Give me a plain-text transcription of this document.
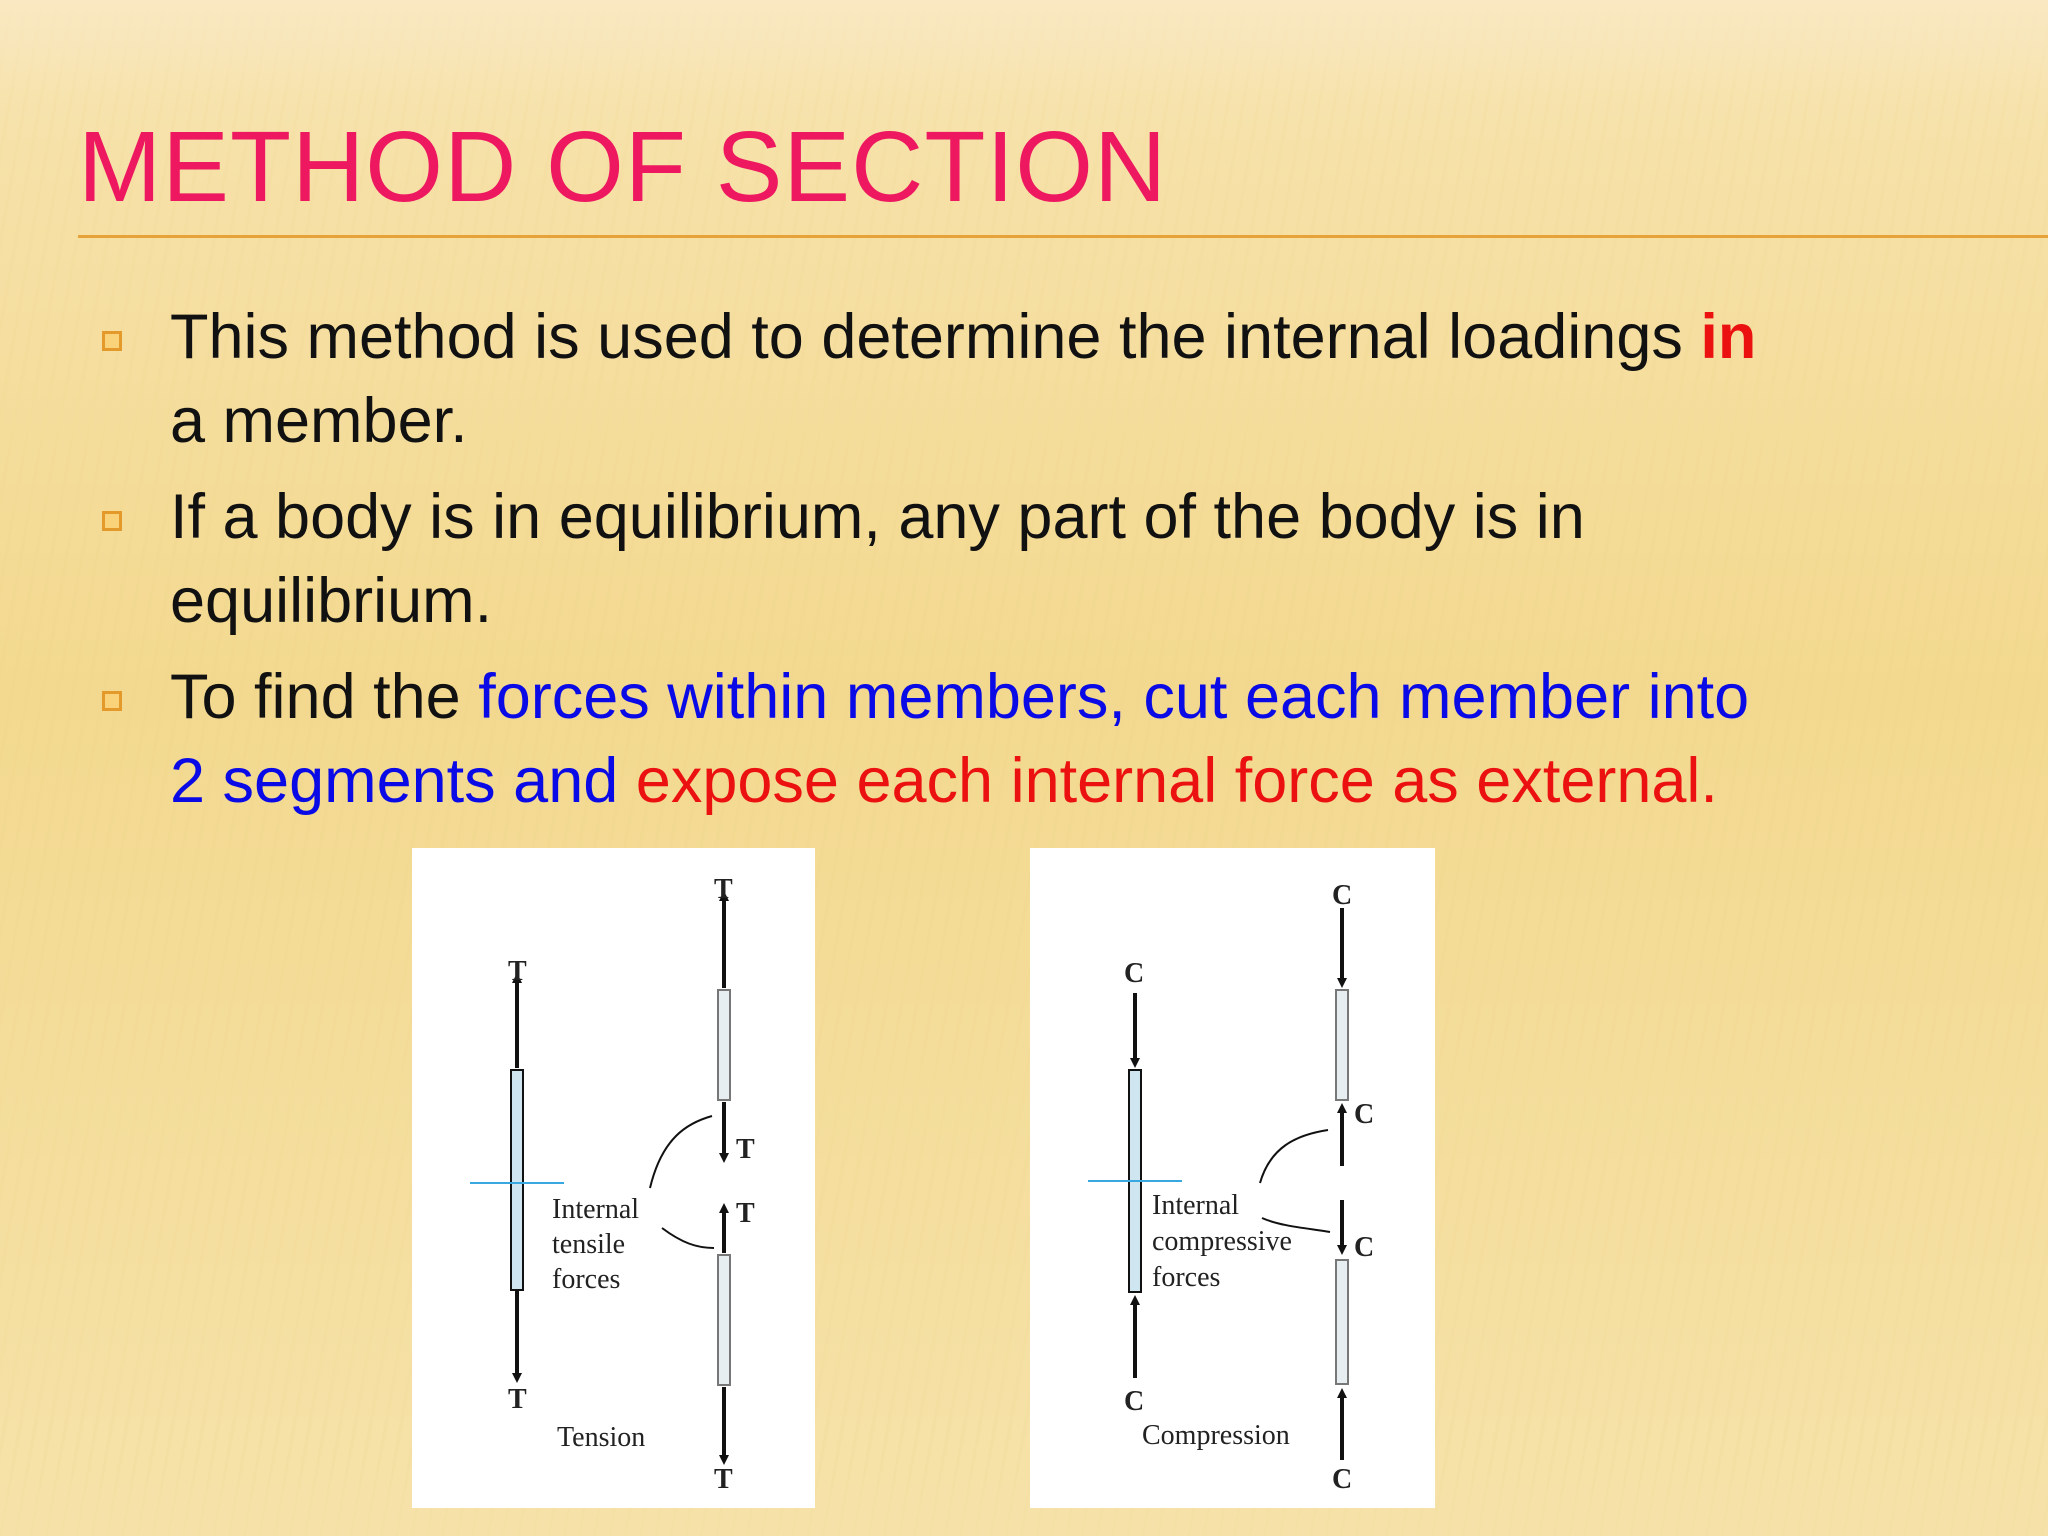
METHOD OF SECTION
This method is used to determine the internal loadings in
a member.
If a body is in equilibrium, any part of the body is in
equilibrium.
To find the forces within members, cut each member into
2 segments and expose each internal force as external.
T
T
T
T
T
T
Internal
tensile
forces
Tension
C
C
C
C
C
C
Internal
compressive
forces
Compression
